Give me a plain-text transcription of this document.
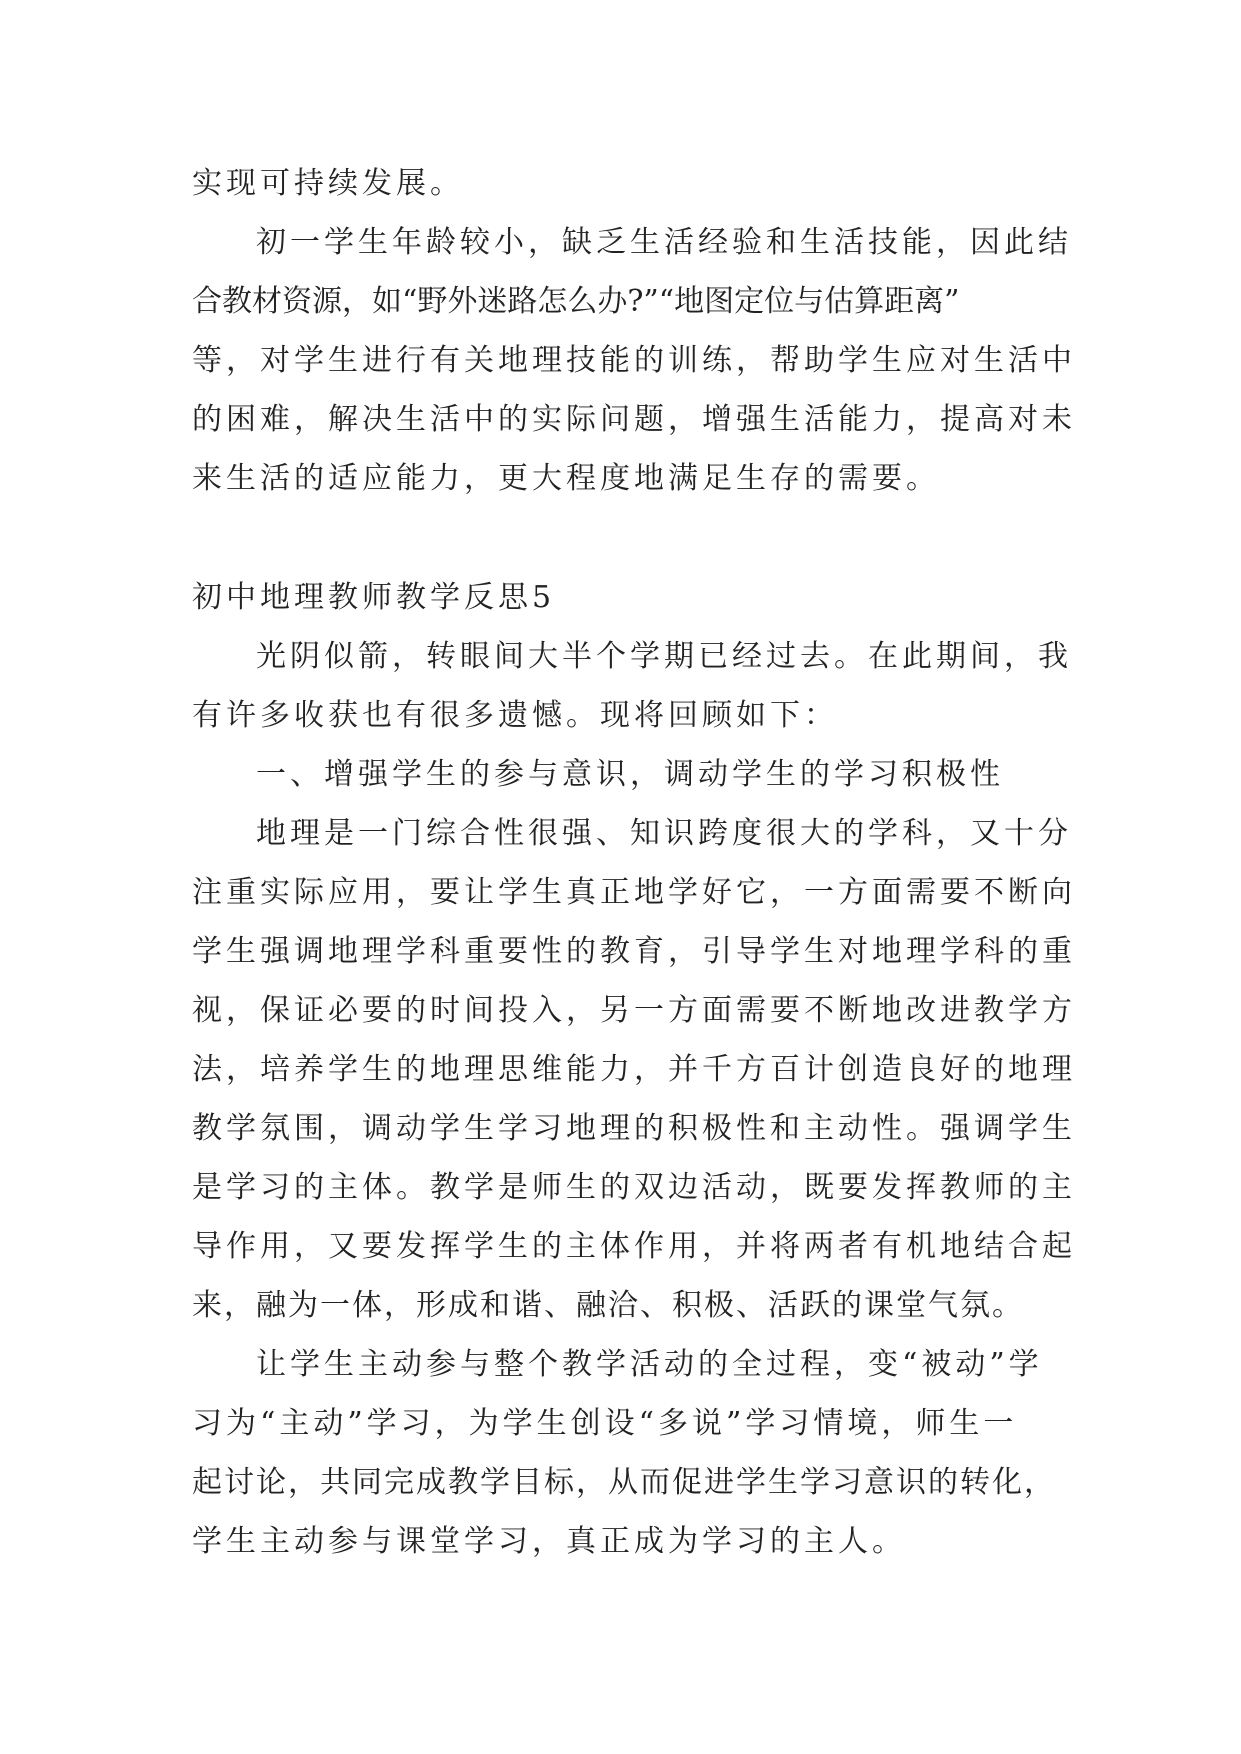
实现可持续发展。
初一学生年龄较小，缺乏生活经验和生活技能，因此结
合教材资源，如“野外迷路怎么办?”“地图定位与估算距离”
等，对学生进行有关地理技能的训练，帮助学生应对生活中
的困难，解决生活中的实际问题，增强生活能力，提高对未
来生活的适应能力，更大程度地满足生存的需要。
初中地理教师教学反思5
光阴似箭，转眼间大半个学期已经过去。在此期间，我
有许多收获也有很多遗憾。现将回顾如下：
一、增强学生的参与意识，调动学生的学习积极性
地理是一门综合性很强、知识跨度很大的学科，又十分
注重实际应用，要让学生真正地学好它，一方面需要不断向
学生强调地理学科重要性的教育，引导学生对地理学科的重
视，保证必要的时间投入，另一方面需要不断地改进教学方
法，培养学生的地理思维能力，并千方百计创造良好的地理
教学氛围，调动学生学习地理的积极性和主动性。强调学生
是学习的主体。教学是师生的双边活动，既要发挥教师的主
导作用，又要发挥学生的主体作用，并将两者有机地结合起
来，融为一体，形成和谐、融洽、积极、活跃的课堂气氛。
让学生主动参与整个教学活动的全过程，变“被动”学
习为“主动”学习，为学生创设“多说”学习情境，师生一
起讨论，共同完成教学目标，从而促进学生学习意识的转化，
学生主动参与课堂学习，真正成为学习的主人。
